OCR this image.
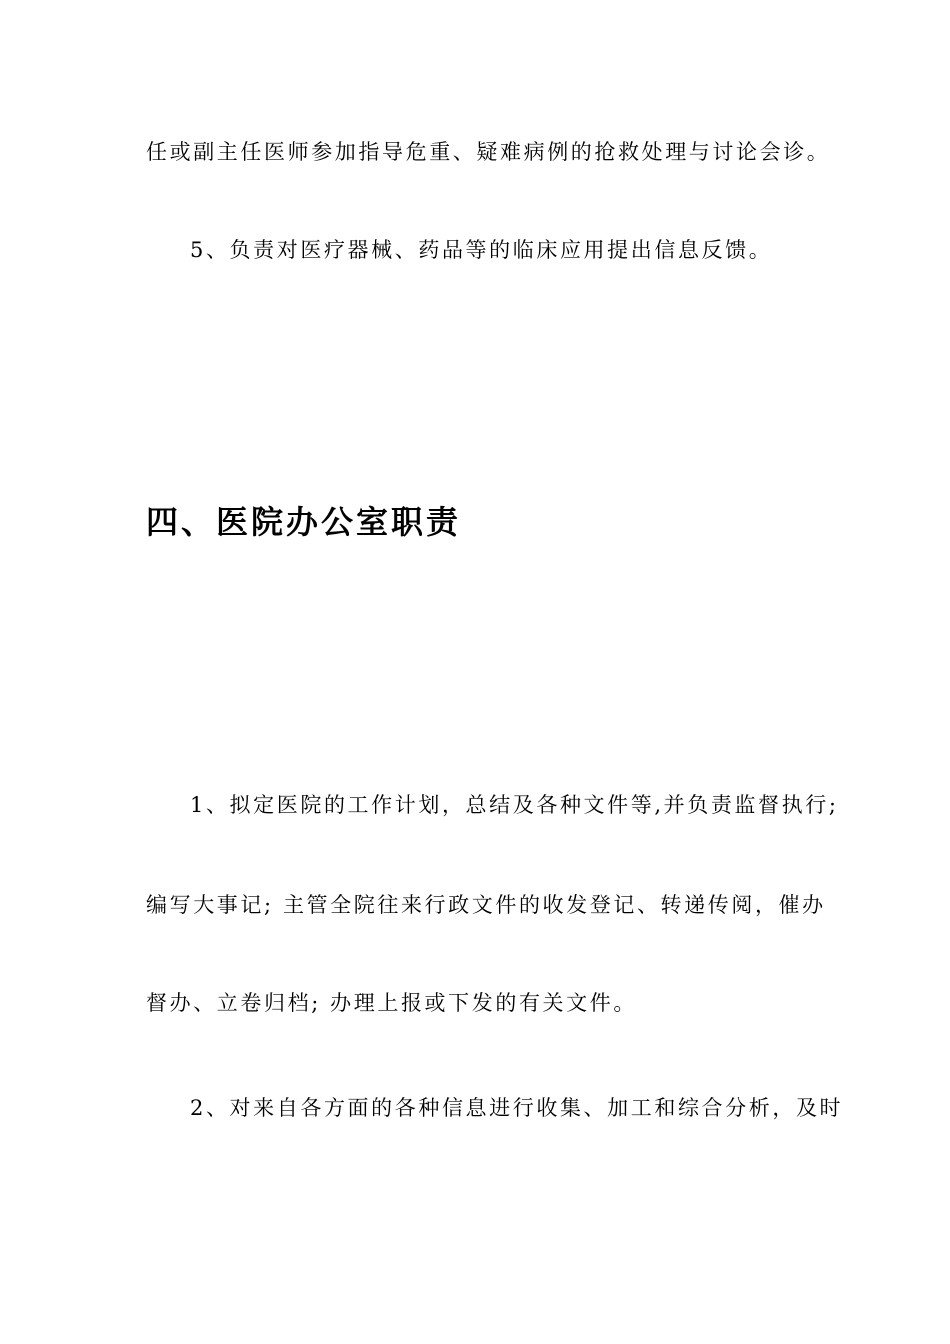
任或副主任医师参加指导危重、疑难病例的抢救处理与讨论会诊。
5、负责对医疗器械、药品等的临床应用提出信息反馈。
四、医院办公室职责
1、拟定医院的工作计划，总结及各种文件等,并负责监督执行;
编写大事记; 主管全院往来行政文件的收发登记、转递传阅，催办
督办、立卷归档; 办理上报或下发的有关文件。
2、对来自各方面的各种信息进行收集、加工和综合分析，及时
